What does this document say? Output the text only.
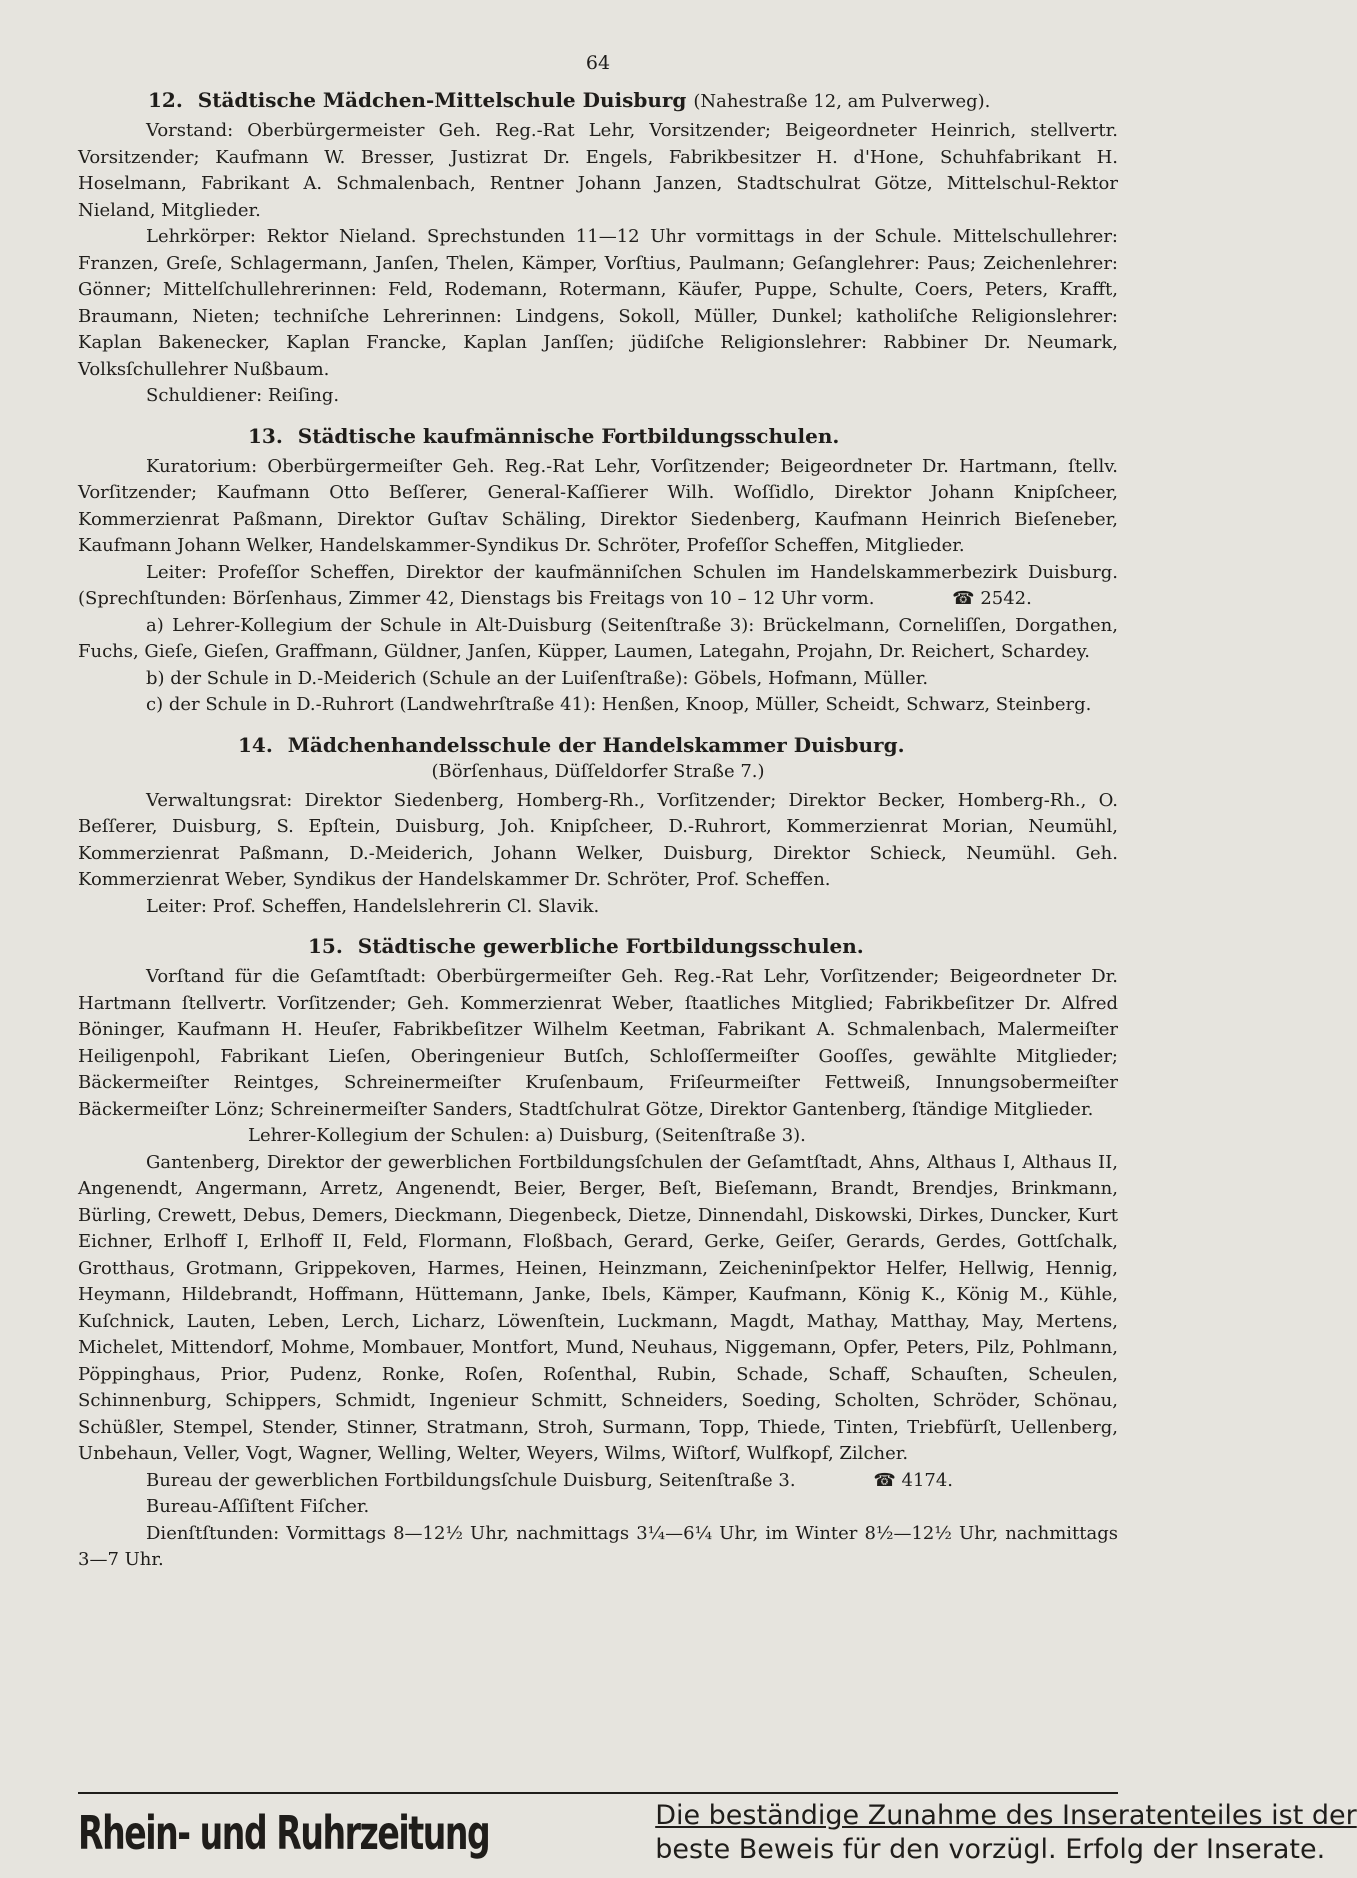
64
12. Städtische Mädchen-Mittelschule Duisburg (Nahestraße 12, am Pulverweg).

Vorstand: Oberbürgermeister Geh. Reg.-Rat Lehr, Vorsitzender; Beigeordneter Heinrich, stellvertr. Vorsitzender; Kaufmann W. Bresser, Justizrat Dr. Engels, Fabrikbesitzer H. d'Hone, Schuhfabrikant H. Hoselmann, Fabrikant A. Schmalenbach, Rentner Johann Janzen, Stadtschulrat Götze, Mittelschul-Rektor Nieland, Mitglieder.

Lehrkörper: Rektor Nieland. Sprechstunden 11—12 Uhr vormittags in der Schule. Mittelschullehrer: Franzen, Greſe, Schlagermann, Janſen, Thelen, Kämper, Vorſtius, Paulmann; Geſanglehrer: Paus; Zeichenlehrer: Gönner; Mittelſchullehrerinnen: Feld, Rodemann, Rotermann, Käufer, Puppe, Schulte, Coers, Peters, Krafft, Braumann, Nieten; techniſche Lehrerinnen: Lindgens, Sokoll, Müller, Dunkel; katholiſche Religionslehrer: Kaplan Bakenecker, Kaplan Francke, Kaplan Janſſen; jüdiſche Religionslehrer: Rabbiner Dr. Neumark, Volksſchullehrer Nußbaum.

Schuldiener: Reiſing.

13. Städtische kaufmännische Fortbildungsschulen.

Kuratorium: Oberbürgermeiſter Geh. Reg.-Rat Lehr, Vorſitzender; Beigeordneter Dr. Hartmann, ſtellv. Vorſitzender; Kaufmann Otto Beſſerer, General-Kaſſierer Wilh. Woſſidlo, Direktor Johann Knipſcheer, Kommerzienrat Paßmann, Direktor Guſtav Schäling, Direktor Siedenberg, Kaufmann Heinrich Bieſeneber, Kaufmann Johann Welker, Handelskammer-Syndikus Dr. Schröter, Profeſſor Scheffen, Mitglieder.

Leiter: Profeſſor Scheffen, Direktor der kaufmänniſchen Schulen im Handelskammerbezirk Duisburg. (Sprechſtunden: Börſenhaus, Zimmer 42, Dienstags bis Freitags von 10 – 12 Uhr vorm.	☎ 2542.

a) Lehrer-Kollegium der Schule in Alt-Duisburg (Seitenſtraße 3): Brückelmann, Corneliſſen, Dorgathen, Fuchs, Gieſe, Gieſen, Graffmann, Güldner, Janſen, Küpper, Laumen, Lategahn, Projahn, Dr. Reichert, Schardey.

b) der Schule in D.-Meiderich (Schule an der Luiſenſtraße): Göbels, Hofmann, Müller.

c) der Schule in D.-Ruhrort (Landwehrſtraße 41): Henßen, Knoop, Müller, Scheidt, Schwarz, Steinberg.

14. Mädchenhandelsschule der Handelskammer Duisburg.
(Börſenhaus, Düſſeldorfer Straße 7.)

Verwaltungsrat: Direktor Siedenberg, Homberg-Rh., Vorſitzender; Direktor Becker, Homberg-Rh., O. Beſſerer, Duisburg, S. Epſtein, Duisburg, Joh. Knipſcheer, D.-Ruhrort, Kommerzienrat Morian, Neumühl, Kommerzienrat Paßmann, D.-Meiderich, Johann Welker, Duisburg, Direktor Schieck, Neumühl. Geh. Kommerzienrat Weber, Syndikus der Handelskammer Dr. Schröter, Prof. Scheffen.

Leiter: Prof. Scheffen, Handelslehrerin Cl. Slavik.

15. Städtische gewerbliche Fortbildungsschulen.

Vorſtand für die Geſamtſtadt: Oberbürgermeiſter Geh. Reg.-Rat Lehr, Vorſitzender; Beigeordneter Dr. Hartmann ſtellvertr. Vorſitzender; Geh. Kommerzienrat Weber, ſtaatliches Mitglied; Fabrikbeſitzer Dr. Alfred Böninger, Kaufmann H. Heuſer, Fabrikbeſitzer Wilhelm Keetman, Fabrikant A. Schmalenbach, Malermeiſter Heiligenpohl, Fabrikant Lieſen, Oberingenieur Butſch, Schloſſermeiſter Gooſſes, gewählte Mitglieder; Bäckermeiſter Reintges, Schreinermeiſter Kruſenbaum, Friſeurmeiſter Fettweiß, Innungsobermeiſter Bäckermeiſter Lönz; Schreinermeiſter Sanders, Stadtſchulrat Götze, Direktor Gantenberg, ſtändige Mitglieder.

Lehrer-Kollegium der Schulen: a) Duisburg, (Seitenſtraße 3).

Gantenberg, Direktor der gewerblichen Fortbildungsſchulen der Geſamtſtadt, Ahns, Althaus I, Althaus II, Angenendt, Angermann, Arretz, Angenendt, Beier, Berger, Beſt, Bieſemann, Brandt, Brendjes, Brinkmann, Bürling, Crewett, Debus, Demers, Dieckmann, Diegenbeck, Dietze, Dinnendahl, Diskowski, Dirkes, Duncker, Kurt Eichner, Erlhoff I, Erlhoff II, Feld, Flormann, Floßbach, Gerard, Gerke, Geiſer, Gerards, Gerdes, Gottſchalk, Grotthaus, Grotmann, Grippekoven, Harmes, Heinen, Heinzmann, Zeicheninſpektor Helfer, Hellwig, Hennig, Heymann, Hildebrandt, Hoffmann, Hüttemann, Janke, Ibels, Kämper, Kaufmann, König K., König M., Kühle, Kuſchnick, Lauten, Leben, Lerch, Licharz, Löwenſtein, Luckmann, Magdt, Mathay, Matthay, May, Mertens, Michelet, Mittendorf, Mohme, Mombauer, Montfort, Mund, Neuhaus, Niggemann, Opfer, Peters, Pilz, Pohlmann, Pöppinghaus, Prior, Pudenz, Ronke, Roſen, Roſenthal, Rubin, Schade, Schaff, Schauſten, Scheulen, Schinnenburg, Schippers, Schmidt, Ingenieur Schmitt, Schneiders, Soeding, Scholten, Schröder, Schönau, Schüßler, Stempel, Stender, Stinner, Stratmann, Stroh, Surmann, Topp, Thiede, Tinten, Triebfürſt, Uellenberg, Unbehaun, Veller, Vogt, Wagner, Welling, Welter, Weyers, Wilms, Wiſtorf, Wulfkopf, Zilcher.

Bureau der gewerblichen Fortbildungsſchule Duisburg, Seitenſtraße 3.	☎ 4174.

Bureau-Aſſiſtent Fiſcher.

Dienſtſtunden: Vormittags 8—12½ Uhr, nachmittags 3¼—6¼ Uhr, im Winter 8½—12½ Uhr, nachmittags 3—7 Uhr.

Rhein- und Ruhrzeitung	Die beständige Zunahme des Inseratenteiles ist der
beste Beweis für den vorzügl. Erfolg der Inserate.
